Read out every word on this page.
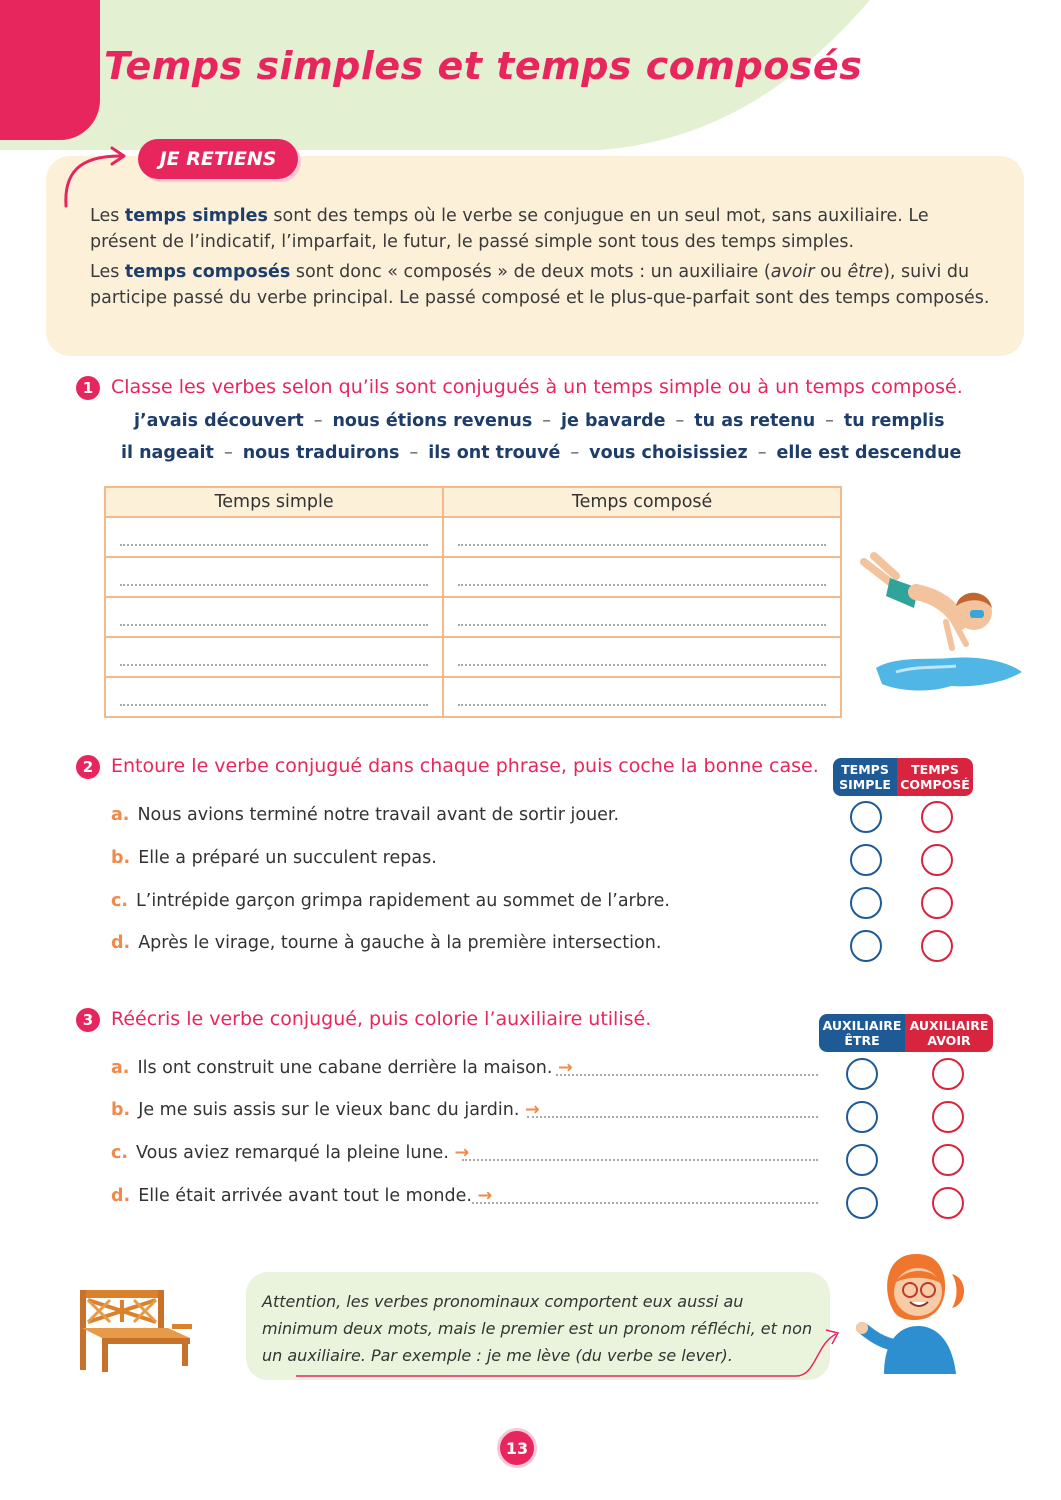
Temps simples et temps composés
JE RETIENS

Les temps simples sont des temps où le verbe se conjugue en un seul mot, sans auxiliaire. Le présent de l’indicatif, l’imparfait, le futur, le passé simple sont tous des temps simples.

Les temps composés sont donc « composés » de deux mots : un auxiliaire (avoir ou être), suivi du participe passé du verbe principal. Le passé composé et le plus-que-parfait sont des temps composés.

1 Classe les verbes selon qu’ils sont conjugués à un temps simple ou à un temps composé.
j’avais découvert – nous étions revenus – je bavarde – tu as retenu – tu remplis
il nageait – nous traduirons – ils ont trouvé – vous choisissiez – elle est descendue
Temps simple	Temps composé

2 Entoure le verbe conjugué dans chaque phrase, puis coche la bonne case.	TEMPS SIMPLE
TEMPS COMPOSÉ
a. Nous avions terminé notre travail avant de sortir jouer.
b. Elle a préparé un succulent repas.
c. L’intrépide garçon grimpa rapidement au sommet de l’arbre.
d. Après le virage, tourne à gauche à la première intersection.
3 Réécris le verbe conjugué, puis colorie l’auxiliaire utilisé.	AUXILIAIRE ÊTRE
AUXILIAIRE AVOIR
a. Ils ont construit une cabane derrière la maison. →
b. Je me suis assis sur le vieux banc du jardin. →
c. Vous aviez remarqué la pleine lune. →
d. Elle était arrivée avant tout le monde. →
Attention, les verbes pronominaux comportent eux aussi au minimum deux mots, mais le premier est un pronom réfléchi, et non un auxiliaire. Par exemple : je me lève (du verbe se lever).
13
